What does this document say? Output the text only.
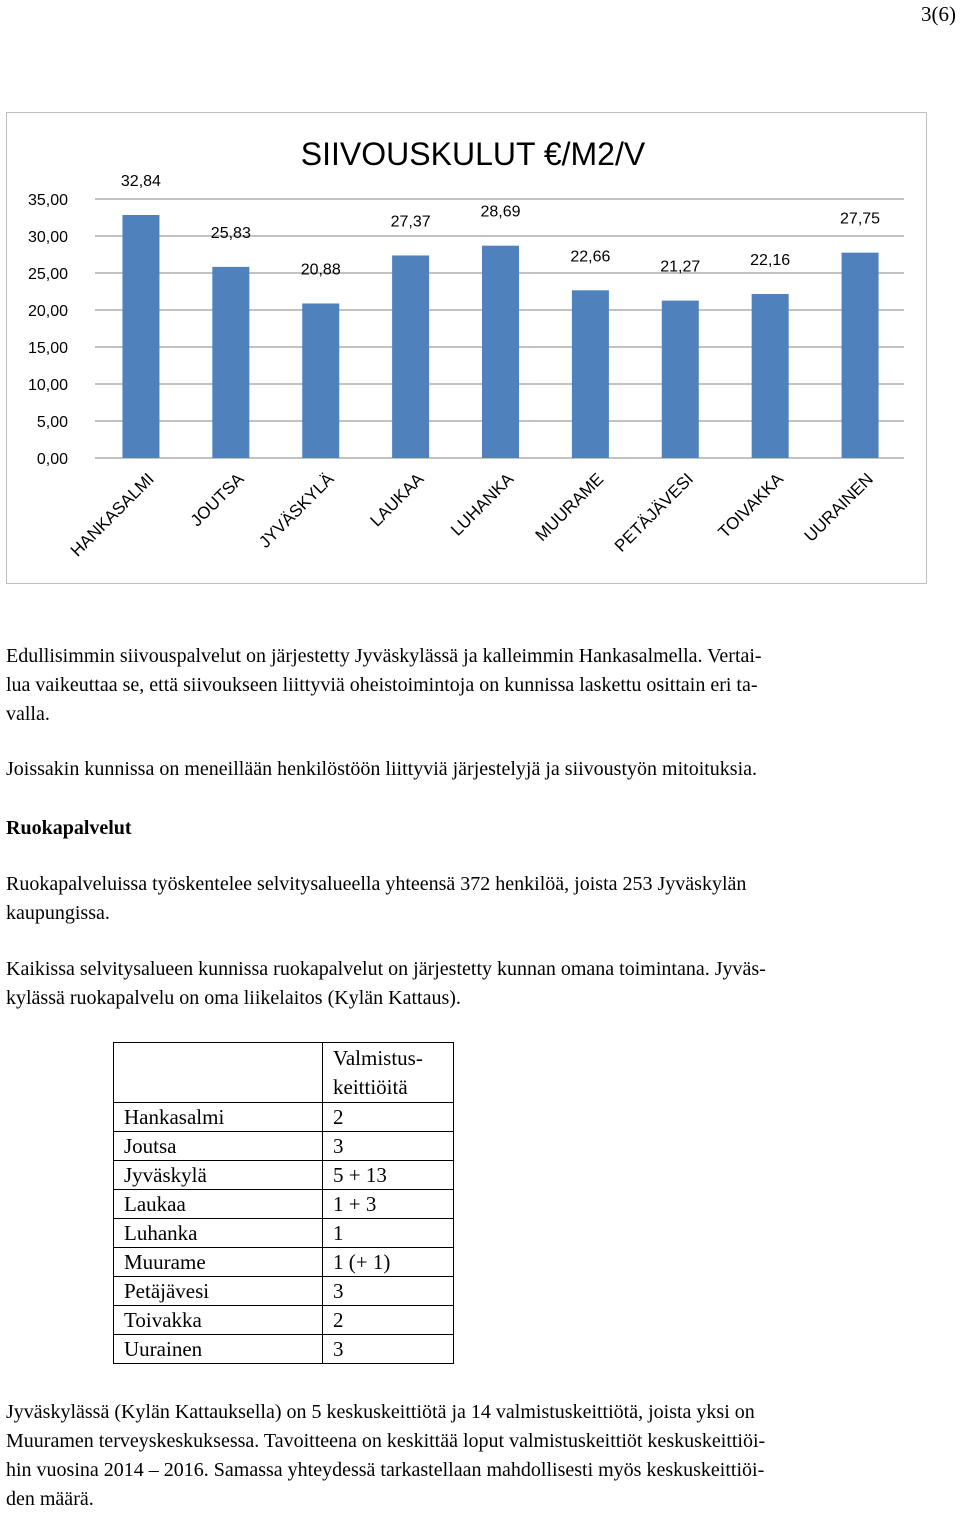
3(6)
SIIVOUSKULUT €/M2/V
0,00
5,00
10,00
15,00
20,00
25,00
30,00
35,00
32,84
25,83
20,88
27,37
28,69
22,66
21,27	22,16
27,75
HANKASALMI JOUTSA JYVÄSKYLÄ LAUKAA LUHANKA MUURAME PETÄJÄVESI TOIVAKKA UURAINEN

Edullisimmin siivouspalvelut on järjestetty Jyväskylässä ja kalleimmin Hankasalmella. Vertai-
lua vaikeuttaa se, että siivoukseen liittyviä oheistoimintoja on kunnissa laskettu osittain eri ta-
valla.

Joissakin kunnissa on meneillään henkilöstöön liittyviä järjestelyjä ja siivoustyön mitoituksia.

Ruokapalvelut

Ruokapalveluissa työskentelee selvitysalueella yhteensä 372 henkilöä, joista 253 Jyväskylän
kaupungissa.

Kaikissa selvitysalueen kunnissa ruokapalvelut on järjestetty kunnan omana toimintana. Jyväs-
kylässä ruokapalvelu on oma liikelaitos (Kylän Kattaus).

	Valmistus-
keittiöitä
Hankasalmi	2
Joutsa	3
Jyväskylä	5 + 13
Laukaa	1 + 3
Luhanka	1
Muurame	1 (+ 1)
Petäjävesi	3
Toivakka	2
Uurainen	3

Jyväskylässä (Kylän Kattauksella) on 5 keskuskeittiötä ja 14 valmistuskeittiötä, joista yksi on
Muuramen terveyskeskuksessa. Tavoitteena on keskittää loput valmistuskeittiöt keskuskeittiöi-
hin vuosina 2014 – 2016. Samassa yhteydessä tarkastellaan mahdollisesti myös keskuskeittiöi-
den määrä.
